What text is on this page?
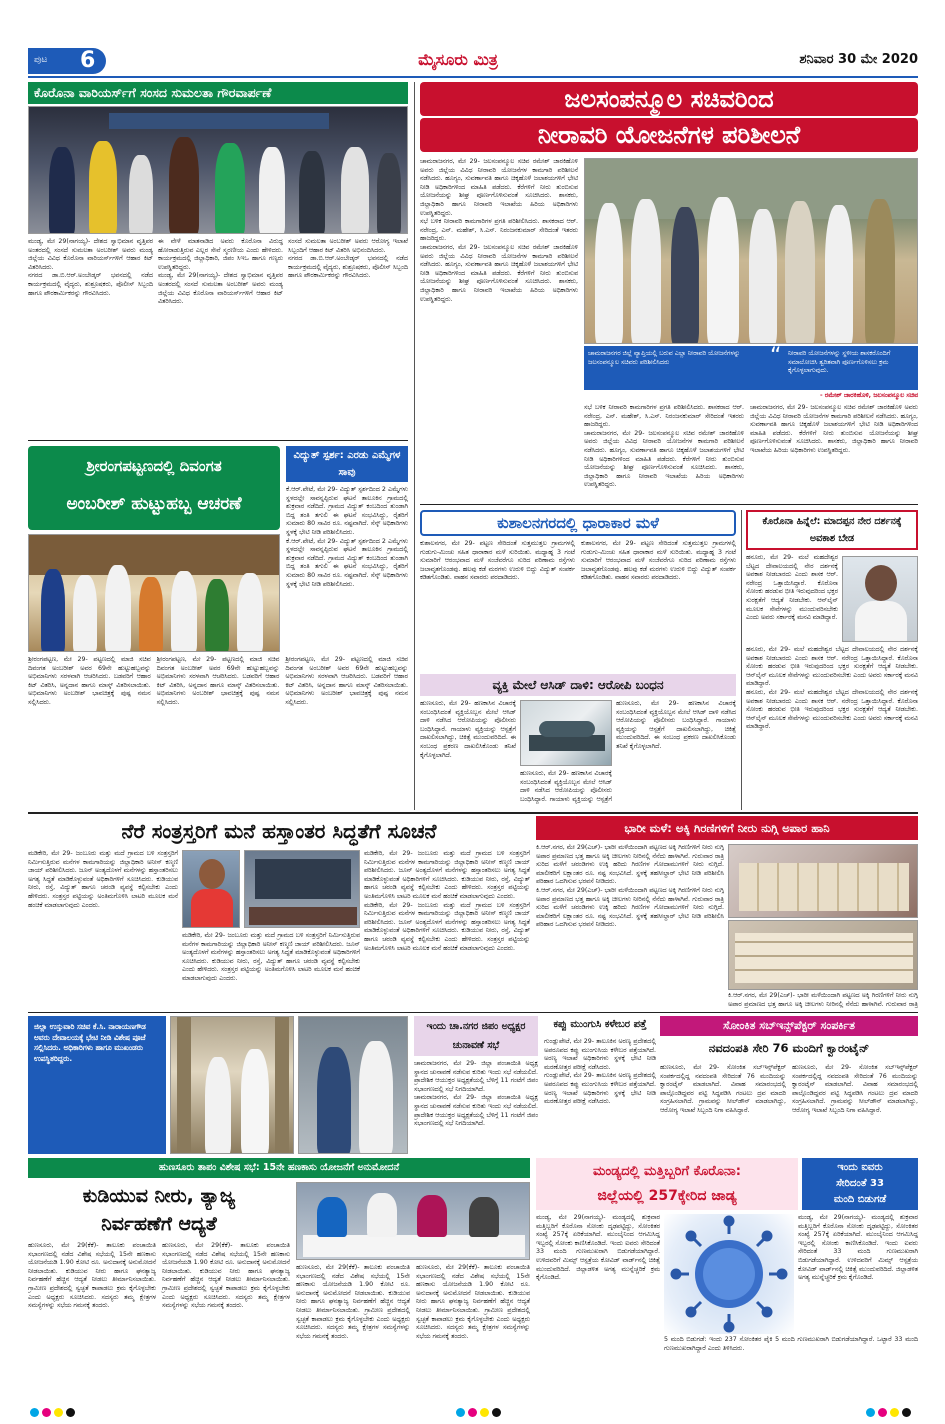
ಪುಟ 6	ಮೈಸೂರು ಮಿತ್ರ	ಶನಿವಾರ 30 ಮೇ 2020
ಕೊರೊನಾ ವಾರಿಯರ್ಸ್‌ಗೆ ಸಂಸದ ಸುಮಲತಾ ಗೌರವಾರ್ಪಣೆ

ಮಂಡ್ಯ, ಮೇ 29(ನಾಗಯ್ಯ)- ದೇಶದ ಸ್ವಾಭಿಮಾನ ವೃತ್ತಿಪರ ಅಂತರದಲ್ಲಿ ಸಂಸದೆ ಸುಮಲತಾ ಅಂಬರೀಶ್ ಅವರು ಮಂಡ್ಯ ಜಿಲ್ಲೆಯ ವಿವಿಧ ಕೊರೊನಾ ವಾರಿಯರ್ಸ್‌ಗಳಿಗೆ ಆಹಾರ ಕಿಟ್ ವಿತರಿಸಿದರು.

ನಗರದ ಡಾ.ಬಿ.ಆರ್.ಅಂಬೇಡ್ಕರ್ ಭವನದಲ್ಲಿ ನಡೆದ ಕಾರ್ಯಕ್ರಮದಲ್ಲಿ ವೈದ್ಯರು, ಶುಶ್ರೂಷಕರು, ಪೊಲೀಸ್ ಸಿಬ್ಬಂದಿ ಹಾಗೂ ಪೌರಕಾರ್ಮಿಕರನ್ನು ಗೌರವಿಸಿದರು.

ಈ ವೇಳೆ ಮಾತನಾಡಿದ ಅವರು ಕೊರೊನಾ ವಿರುದ್ಧ ಹೋರಾಡುತ್ತಿರುವ ಎಲ್ಲರ ಸೇವೆ ಸ್ಮರಣೀಯ ಎಂದು ಹೇಳಿದರು. ಕಾರ್ಯಕ್ರಮದಲ್ಲಿ ಜಿಲ್ಲಾಧಿಕಾರಿ, ಜಿಪಂ ಸಿಇಒ ಹಾಗೂ ಗಣ್ಯರು ಉಪಸ್ಥಿತರಿದ್ದರು.

ಮಂಡ್ಯ, ಮೇ 29(ನಾಗಯ್ಯ)- ದೇಶದ ಸ್ವಾಭಿಮಾನ ವೃತ್ತಿಪರ ಅಂತರದಲ್ಲಿ ಸಂಸದೆ ಸುಮಲತಾ ಅಂಬರೀಶ್ ಅವರು ಮಂಡ್ಯ ಜಿಲ್ಲೆಯ ವಿವಿಧ ಕೊರೊನಾ ವಾರಿಯರ್ಸ್‌ಗಳಿಗೆ ಆಹಾರ ಕಿಟ್ ವಿತರಿಸಿದರು.

ಸಂಸದೆ ಸುಮಲತಾ ಅಂಬರೀಶ್ ಅವರು ಆರೋಗ್ಯ ಇಲಾಖೆ ಸಿಬ್ಬಂದಿಗೆ ಆಹಾರ ಕಿಟ್ ವಿತರಿಸಿ ಅಭಿನಂದಿಸಿದರು.

ನಗರದ ಡಾ.ಬಿ.ಆರ್.ಅಂಬೇಡ್ಕರ್ ಭವನದಲ್ಲಿ ನಡೆದ ಕಾರ್ಯಕ್ರಮದಲ್ಲಿ ವೈದ್ಯರು, ಶುಶ್ರೂಷಕರು, ಪೊಲೀಸ್ ಸಿಬ್ಬಂದಿ ಹಾಗೂ ಪೌರಕಾರ್ಮಿಕರನ್ನು ಗೌರವಿಸಿದರು.

ಜಲಸಂಪನ್ಮೂಲ ಸಚಿವರಿಂದ
ನೀರಾವರಿ ಯೋಜನೆಗಳ ಪರಿಶೀಲನೆ

ಚಾಮರಾಜನಗರ, ಮೇ 29- ಜಲಸಂಪನ್ಮೂಲ ಸಚಿವ ರಮೇಶ್ ಜಾರಕಿಹೊಳಿ ಅವರು ಜಿಲ್ಲೆಯ ವಿವಿಧ ನೀರಾವರಿ ಯೋಜನೆಗಳ ಕಾಮಗಾರಿ ಪರಿಶೀಲನೆ ನಡೆಸಿದರು. ಹೂಗ್ಯಂ, ಸುವರ್ಣಾವತಿ ಹಾಗೂ ಚಿಕ್ಕಹೊಳೆ ಜಲಾಶಯಗಳಿಗೆ ಭೇಟಿ ನೀಡಿ ಅಧಿಕಾರಿಗಳಿಂದ ಮಾಹಿತಿ ಪಡೆದರು. ಕೆರೆಗಳಿಗೆ ನೀರು ತುಂಬಿಸುವ ಯೋಜನೆಯನ್ನು ಶೀಘ್ರ ಪೂರ್ಣಗೊಳಿಸುವಂತೆ ಸೂಚಿಸಿದರು. ಶಾಸಕರು, ಜಿಲ್ಲಾಧಿಕಾರಿ ಹಾಗೂ ನೀರಾವರಿ ಇಲಾಖೆಯ ಹಿರಿಯ ಅಧಿಕಾರಿಗಳು ಉಪಸ್ಥಿತರಿದ್ದರು.

ಸಭೆ ಬಳಿಕ ನೀರಾವರಿ ಕಾಮಗಾರಿಗಳ ಪ್ರಗತಿ ಪರಿಶೀಲಿಸಿದರು. ಶಾಸಕರಾದ ಆರ್. ನರೇಂದ್ರ, ಎನ್. ಮಹೇಶ್, ಸಿ.ಎಸ್. ನಿರಂಜನಕುಮಾರ್ ಸೇರಿದಂತೆ ಇತರರು ಹಾಜರಿದ್ದರು.

ಚಾಮರಾಜನಗರ, ಮೇ 29- ಜಲಸಂಪನ್ಮೂಲ ಸಚಿವ ರಮೇಶ್ ಜಾರಕಿಹೊಳಿ ಅವರು ಜಿಲ್ಲೆಯ ವಿವಿಧ ನೀರಾವರಿ ಯೋಜನೆಗಳ ಕಾಮಗಾರಿ ಪರಿಶೀಲನೆ ನಡೆಸಿದರು. ಹೂಗ್ಯಂ, ಸುವರ್ಣಾವತಿ ಹಾಗೂ ಚಿಕ್ಕಹೊಳೆ ಜಲಾಶಯಗಳಿಗೆ ಭೇಟಿ ನೀಡಿ ಅಧಿಕಾರಿಗಳಿಂದ ಮಾಹಿತಿ ಪಡೆದರು. ಕೆರೆಗಳಿಗೆ ನೀರು ತುಂಬಿಸುವ ಯೋಜನೆಯನ್ನು ಶೀಘ್ರ ಪೂರ್ಣಗೊಳಿಸುವಂತೆ ಸೂಚಿಸಿದರು. ಶಾಸಕರು, ಜಿಲ್ಲಾಧಿಕಾರಿ ಹಾಗೂ ನೀರಾವರಿ ಇಲಾಖೆಯ ಹಿರಿಯ ಅಧಿಕಾರಿಗಳು ಉಪಸ್ಥಿತರಿದ್ದರು.

ಚಾಮರಾಜನಗರ ಜಿಲ್ಲೆ ವ್ಯಾಪ್ತಿಯಲ್ಲಿ ಬರುವ ಎಲ್ಲಾ ನೀರಾವರಿ ಯೋಜನೆಗಳನ್ನು ಜಲಸಂಪನ್ಮೂಲ ಸಚಿವರು ಪರಿಶೀಲಿಸಿದರು	“ ನೀರಾವರಿ ಯೋಜನೆಗಳನ್ನು ಸ್ಥಳೀಯ ಶಾಸಕರೊಂದಿಗೆ ಸಮಾಲೋಚಿಸಿ ತ್ವರಿತವಾಗಿ ಪೂರ್ಣಗೊಳಿಸಲು ಕ್ರಮ ಕೈಗೊಳ್ಳಲಾಗುವುದು.
- ರಮೇಶ್ ಜಾರಕಿಹೊಳಿ, ಜಲಸಂಪನ್ಮೂಲ ಸಚಿವ

ಸಭೆ ಬಳಿಕ ನೀರಾವರಿ ಕಾಮಗಾರಿಗಳ ಪ್ರಗತಿ ಪರಿಶೀಲಿಸಿದರು. ಶಾಸಕರಾದ ಆರ್. ನರೇಂದ್ರ, ಎನ್. ಮಹೇಶ್, ಸಿ.ಎಸ್. ನಿರಂಜನಕುಮಾರ್ ಸೇರಿದಂತೆ ಇತರರು ಹಾಜರಿದ್ದರು.

ಚಾಮರಾಜನಗರ, ಮೇ 29- ಜಲಸಂಪನ್ಮೂಲ ಸಚಿವ ರಮೇಶ್ ಜಾರಕಿಹೊಳಿ ಅವರು ಜಿಲ್ಲೆಯ ವಿವಿಧ ನೀರಾವರಿ ಯೋಜನೆಗಳ ಕಾಮಗಾರಿ ಪರಿಶೀಲನೆ ನಡೆಸಿದರು. ಹೂಗ್ಯಂ, ಸುವರ್ಣಾವತಿ ಹಾಗೂ ಚಿಕ್ಕಹೊಳೆ ಜಲಾಶಯಗಳಿಗೆ ಭೇಟಿ ನೀಡಿ ಅಧಿಕಾರಿಗಳಿಂದ ಮಾಹಿತಿ ಪಡೆದರು. ಕೆರೆಗಳಿಗೆ ನೀರು ತುಂಬಿಸುವ ಯೋಜನೆಯನ್ನು ಶೀಘ್ರ ಪೂರ್ಣಗೊಳಿಸುವಂತೆ ಸೂಚಿಸಿದರು. ಶಾಸಕರು, ಜಿಲ್ಲಾಧಿಕಾರಿ ಹಾಗೂ ನೀರಾವರಿ ಇಲಾಖೆಯ ಹಿರಿಯ ಅಧಿಕಾರಿಗಳು ಉಪಸ್ಥಿತರಿದ್ದರು.

ಚಾಮರಾಜನಗರ, ಮೇ 29- ಜಲಸಂಪನ್ಮೂಲ ಸಚಿವ ರಮೇಶ್ ಜಾರಕಿಹೊಳಿ ಅವರು ಜಿಲ್ಲೆಯ ವಿವಿಧ ನೀರಾವರಿ ಯೋಜನೆಗಳ ಕಾಮಗಾರಿ ಪರಿಶೀಲನೆ ನಡೆಸಿದರು. ಹೂಗ್ಯಂ, ಸುವರ್ಣಾವತಿ ಹಾಗೂ ಚಿಕ್ಕಹೊಳೆ ಜಲಾಶಯಗಳಿಗೆ ಭೇಟಿ ನೀಡಿ ಅಧಿಕಾರಿಗಳಿಂದ ಮಾಹಿತಿ ಪಡೆದರು. ಕೆರೆಗಳಿಗೆ ನೀರು ತುಂಬಿಸುವ ಯೋಜನೆಯನ್ನು ಶೀಘ್ರ ಪೂರ್ಣಗೊಳಿಸುವಂತೆ ಸೂಚಿಸಿದರು. ಶಾಸಕರು, ಜಿಲ್ಲಾಧಿಕಾರಿ ಹಾಗೂ ನೀರಾವರಿ ಇಲಾಖೆಯ ಹಿರಿಯ ಅಧಿಕಾರಿಗಳು ಉಪಸ್ಥಿತರಿದ್ದರು.

ಶ್ರೀರಂಗಪಟ್ಟಣದಲ್ಲಿ ದಿವಂಗತ
ಅಂಬರೀಶ್ ಹುಟ್ಟುಹಬ್ಬ ಆಚರಣೆ

ಶ್ರೀರಂಗಪಟ್ಟಣ, ಮೇ 29- ಪಟ್ಟಣದಲ್ಲಿ ಮಾಜಿ ಸಚಿವ ದಿವಂಗತ ಅಂಬರೀಶ್ ಅವರ 69ನೇ ಹುಟ್ಟುಹಬ್ಬವನ್ನು ಅಭಿಮಾನಿಗಳು ಸರಳವಾಗಿ ಆಚರಿಸಿದರು. ಬಡವರಿಗೆ ಆಹಾರ ಕಿಟ್ ವಿತರಿಸಿ, ಅನ್ನದಾನ ಹಾಗೂ ಮಾಸ್ಕ್ ವಿತರಿಸಲಾಯಿತು. ಅಭಿಮಾನಿಗಳು ಅಂಬರೀಶ್ ಭಾವಚಿತ್ರಕ್ಕೆ ಪುಷ್ಪ ನಮನ ಸಲ್ಲಿಸಿದರು.

ಶ್ರೀರಂಗಪಟ್ಟಣ, ಮೇ 29- ಪಟ್ಟಣದಲ್ಲಿ ಮಾಜಿ ಸಚಿವ ದಿವಂಗತ ಅಂಬರೀಶ್ ಅವರ 69ನೇ ಹುಟ್ಟುಹಬ್ಬವನ್ನು ಅಭಿಮಾನಿಗಳು ಸರಳವಾಗಿ ಆಚರಿಸಿದರು. ಬಡವರಿಗೆ ಆಹಾರ ಕಿಟ್ ವಿತರಿಸಿ, ಅನ್ನದಾನ ಹಾಗೂ ಮಾಸ್ಕ್ ವಿತರಿಸಲಾಯಿತು. ಅಭಿಮಾನಿಗಳು ಅಂಬರೀಶ್ ಭಾವಚಿತ್ರಕ್ಕೆ ಪುಷ್ಪ ನಮನ ಸಲ್ಲಿಸಿದರು.

ಶ್ರೀರಂಗಪಟ್ಟಣ, ಮೇ 29- ಪಟ್ಟಣದಲ್ಲಿ ಮಾಜಿ ಸಚಿವ ದಿವಂಗತ ಅಂಬರೀಶ್ ಅವರ 69ನೇ ಹುಟ್ಟುಹಬ್ಬವನ್ನು ಅಭಿಮಾನಿಗಳು ಸರಳವಾಗಿ ಆಚರಿಸಿದರು. ಬಡವರಿಗೆ ಆಹಾರ ಕಿಟ್ ವಿತರಿಸಿ, ಅನ್ನದಾನ ಹಾಗೂ ಮಾಸ್ಕ್ ವಿತರಿಸಲಾಯಿತು. ಅಭಿಮಾನಿಗಳು ಅಂಬರೀಶ್ ಭಾವಚಿತ್ರಕ್ಕೆ ಪುಷ್ಪ ನಮನ ಸಲ್ಲಿಸಿದರು.

ವಿದ್ಯುತ್ ಸ್ಪರ್ಶ: ಎರಡು ಎಮ್ಮೆಗಳ ಸಾವು

ಕೆ.ಆರ್.ಪೇಟೆ, ಮೇ 29- ವಿದ್ಯುತ್ ಸ್ಪರ್ಶದಿಂದ 2 ಎಮ್ಮೆಗಳು ಸ್ಥಳದಲ್ಲೇ ಸಾವನ್ನಪ್ಪಿರುವ ಘಟನೆ ತಾಲೂಕಿನ ಗ್ರಾಮದಲ್ಲಿ ಶುಕ್ರವಾರ ನಡೆದಿದೆ. ಗ್ರಾಮದ ವಿದ್ಯುತ್ ಕಂಬದಿಂದ ತುಂಡಾಗಿ ಬಿದ್ದ ತಂತಿ ತಗುಲಿ ಈ ಘಟನೆ ಸಂಭವಿಸಿದ್ದು, ರೈತರಿಗೆ ಸುಮಾರು 80 ಸಾವಿರ ರೂ. ನಷ್ಟವಾಗಿದೆ. ಸೆಸ್ಕ್ ಅಧಿಕಾರಿಗಳು ಸ್ಥಳಕ್ಕೆ ಭೇಟಿ ನೀಡಿ ಪರಿಶೀಲಿಸಿದರು.

ಕೆ.ಆರ್.ಪೇಟೆ, ಮೇ 29- ವಿದ್ಯುತ್ ಸ್ಪರ್ಶದಿಂದ 2 ಎಮ್ಮೆಗಳು ಸ್ಥಳದಲ್ಲೇ ಸಾವನ್ನಪ್ಪಿರುವ ಘಟನೆ ತಾಲೂಕಿನ ಗ್ರಾಮದಲ್ಲಿ ಶುಕ್ರವಾರ ನಡೆದಿದೆ. ಗ್ರಾಮದ ವಿದ್ಯುತ್ ಕಂಬದಿಂದ ತುಂಡಾಗಿ ಬಿದ್ದ ತಂತಿ ತಗುಲಿ ಈ ಘಟನೆ ಸಂಭವಿಸಿದ್ದು, ರೈತರಿಗೆ ಸುಮಾರು 80 ಸಾವಿರ ರೂ. ನಷ್ಟವಾಗಿದೆ. ಸೆಸ್ಕ್ ಅಧಿಕಾರಿಗಳು ಸ್ಥಳಕ್ಕೆ ಭೇಟಿ ನೀಡಿ ಪರಿಶೀಲಿಸಿದರು.

ಕುಶಾಲನಗರದಲ್ಲಿ ಧಾರಾಕಾರ ಮಳೆ

ಕುಶಾಲನಗರ, ಮೇ 29- ಪಟ್ಟಣ ಸೇರಿದಂತೆ ಸುತ್ತಮುತ್ತಲ ಗ್ರಾಮಗಳಲ್ಲಿ ಗುಡುಗು-ಮಿಂಚು ಸಹಿತ ಧಾರಾಕಾರ ಮಳೆ ಸುರಿಯಿತು. ಮಧ್ಯಾಹ್ನ 3 ಗಂಟೆ ಸುಮಾರಿಗೆ ಆರಂಭವಾದ ಮಳೆ ಸಂಜೆವರೆಗೂ ಸುರಿದ ಪರಿಣಾಮ ರಸ್ತೆಗಳು ಜಲಾವೃತಗೊಂಡವು. ಹಲವು ಕಡೆ ಮರಗಳು ಉರುಳಿ ಬಿದ್ದು ವಿದ್ಯುತ್ ಸಂಪರ್ಕ ಕಡಿತಗೊಂಡಿತು. ವಾಹನ ಸವಾರರು ಪರದಾಡಿದರು.

ಕುಶಾಲನಗರ, ಮೇ 29- ಪಟ್ಟಣ ಸೇರಿದಂತೆ ಸುತ್ತಮುತ್ತಲ ಗ್ರಾಮಗಳಲ್ಲಿ ಗುಡುಗು-ಮಿಂಚು ಸಹಿತ ಧಾರಾಕಾರ ಮಳೆ ಸುರಿಯಿತು. ಮಧ್ಯಾಹ್ನ 3 ಗಂಟೆ ಸುಮಾರಿಗೆ ಆರಂಭವಾದ ಮಳೆ ಸಂಜೆವರೆಗೂ ಸುರಿದ ಪರಿಣಾಮ ರಸ್ತೆಗಳು ಜಲಾವೃತಗೊಂಡವು. ಹಲವು ಕಡೆ ಮರಗಳು ಉರುಳಿ ಬಿದ್ದು ವಿದ್ಯುತ್ ಸಂಪರ್ಕ ಕಡಿತಗೊಂಡಿತು. ವಾಹನ ಸವಾರರು ಪರದಾಡಿದರು.

ವ್ಯಕ್ತಿ ಮೇಲೆ ಆಸಿಡ್ ದಾಳಿ: ಆರೋಪಿ ಬಂಧನ

ಹುಣಸೂರು, ಮೇ 29- ಹಣಕಾಸಿನ ವಿಚಾರಕ್ಕೆ ಸಂಬಂಧಿಸಿದಂತೆ ವ್ಯಕ್ತಿಯೊಬ್ಬನ ಮೇಲೆ ಆಸಿಡ್ ದಾಳಿ ನಡೆಸಿದ ಆರೋಪಿಯನ್ನು ಪೊಲೀಸರು ಬಂಧಿಸಿದ್ದಾರೆ. ಗಾಯಾಳು ವ್ಯಕ್ತಿಯನ್ನು ಆಸ್ಪತ್ರೆಗೆ ದಾಖಲಿಸಲಾಗಿದ್ದು, ಚಿಕಿತ್ಸೆ ಮುಂದುವರಿದಿದೆ. ಈ ಸಂಬಂಧ ಪ್ರಕರಣ ದಾಖಲಿಸಿಕೊಂಡು ತನಿಖೆ ಕೈಗೊಳ್ಳಲಾಗಿದೆ.

ಹುಣಸೂರು, ಮೇ 29- ಹಣಕಾಸಿನ ವಿಚಾರಕ್ಕೆ ಸಂಬಂಧಿಸಿದಂತೆ ವ್ಯಕ್ತಿಯೊಬ್ಬನ ಮೇಲೆ ಆಸಿಡ್ ದಾಳಿ ನಡೆಸಿದ ಆರೋಪಿಯನ್ನು ಪೊಲೀಸರು ಬಂಧಿಸಿದ್ದಾರೆ. ಗಾಯಾಳು ವ್ಯಕ್ತಿಯನ್ನು ಆಸ್ಪತ್ರೆಗೆ ದಾಖಲಿಸಲಾಗಿದ್ದು, ಚಿಕಿತ್ಸೆ ಮುಂದುವರಿದಿದೆ. ಈ ಸಂಬಂಧ ಪ್ರಕರಣ ದಾಖಲಿಸಿಕೊಂಡು ತನಿಖೆ ಕೈಗೊಳ್ಳಲಾಗಿದೆ.

ಹುಣಸೂರು, ಮೇ 29- ಹಣಕಾಸಿನ ವಿಚಾರಕ್ಕೆ ಸಂಬಂಧಿಸಿದಂತೆ ವ್ಯಕ್ತಿಯೊಬ್ಬನ ಮೇಲೆ ಆಸಿಡ್ ದಾಳಿ ನಡೆಸಿದ ಆರೋಪಿಯನ್ನು ಪೊಲೀಸರು ಬಂಧಿಸಿದ್ದಾರೆ. ಗಾಯಾಳು ವ್ಯಕ್ತಿಯನ್ನು ಆಸ್ಪತ್ರೆಗೆ

ಕೊರೊನಾ ಹಿನ್ನೆಲೆ: ಮಾದಪ್ಪನ ನೇರ ದರ್ಶನಕ್ಕೆ ಅವಕಾಶ ಬೇಡ

ಹನೂರು, ಮೇ 29- ಮಲೆ ಮಹದೇಶ್ವರ ಬೆಟ್ಟದ ದೇವಾಲಯದಲ್ಲಿ ನೇರ ದರ್ಶನಕ್ಕೆ ಅವಕಾಶ ನೀಡಬಾರದು ಎಂದು ಶಾಸಕ ಆರ್. ನರೇಂದ್ರ ಒತ್ತಾಯಿಸಿದ್ದಾರೆ. ಕೊರೊನಾ ಸೋಂಕು ಹರಡುವ ಭೀತಿ ಇರುವುದರಿಂದ ಭಕ್ತರ ಸುರಕ್ಷತೆಗೆ ಆದ್ಯತೆ ನೀಡಬೇಕು. ಆನ್‌ಲೈನ್ ಮೂಲಕ ಸೇವೆಗಳನ್ನು ಮುಂದುವರಿಸಬೇಕು ಎಂದು ಅವರು ಸರ್ಕಾರಕ್ಕೆ ಮನವಿ ಮಾಡಿದ್ದಾರೆ.

ಹನೂರು, ಮೇ 29- ಮಲೆ ಮಹದೇಶ್ವರ ಬೆಟ್ಟದ ದೇವಾಲಯದಲ್ಲಿ ನೇರ ದರ್ಶನಕ್ಕೆ ಅವಕಾಶ ನೀಡಬಾರದು ಎಂದು ಶಾಸಕ ಆರ್. ನರೇಂದ್ರ ಒತ್ತಾಯಿಸಿದ್ದಾರೆ. ಕೊರೊನಾ ಸೋಂಕು ಹರಡುವ ಭೀತಿ ಇರುವುದರಿಂದ ಭಕ್ತರ ಸುರಕ್ಷತೆಗೆ ಆದ್ಯತೆ ನೀಡಬೇಕು. ಆನ್‌ಲೈನ್ ಮೂಲಕ ಸೇವೆಗಳನ್ನು ಮುಂದುವರಿಸಬೇಕು ಎಂದು ಅವರು ಸರ್ಕಾರಕ್ಕೆ ಮನವಿ ಮಾಡಿದ್ದಾರೆ.

ಹನೂರು, ಮೇ 29- ಮಲೆ ಮಹದೇಶ್ವರ ಬೆಟ್ಟದ ದೇವಾಲಯದಲ್ಲಿ ನೇರ ದರ್ಶನಕ್ಕೆ ಅವಕಾಶ ನೀಡಬಾರದು ಎಂದು ಶಾಸಕ ಆರ್. ನರೇಂದ್ರ ಒತ್ತಾಯಿಸಿದ್ದಾರೆ. ಕೊರೊನಾ ಸೋಂಕು ಹರಡುವ ಭೀತಿ ಇರುವುದರಿಂದ ಭಕ್ತರ ಸುರಕ್ಷತೆಗೆ ಆದ್ಯತೆ ನೀಡಬೇಕು. ಆನ್‌ಲೈನ್ ಮೂಲಕ ಸೇವೆಗಳನ್ನು ಮುಂದುವರಿಸಬೇಕು ಎಂದು ಅವರು ಸರ್ಕಾರಕ್ಕೆ ಮನವಿ ಮಾಡಿದ್ದಾರೆ.

ನೆರೆ ಸಂತ್ರಸ್ತರಿಗೆ ಮನೆ ಹಸ್ತಾಂತರ ಸಿದ್ಧತೆಗೆ ಸೂಚನೆ

ಮಡಿಕೇರಿ, ಮೇ 29- ಜಂಬೂರು ಮತ್ತು ಮದೆ ಗ್ರಾಮದ ಬಳಿ ಸಂತ್ರಸ್ತರಿಗೆ ನಿರ್ಮಿಸುತ್ತಿರುವ ಮನೆಗಳ ಕಾಮಗಾರಿಯನ್ನು ಜಿಲ್ಲಾಧಿಕಾರಿ ಅನೀಸ್ ಕಣ್ಮಣಿ ಜಾಯ್ ಪರಿಶೀಲಿಸಿದರು. ಜೂನ್ ಅಂತ್ಯದೊಳಗೆ ಮನೆಗಳನ್ನು ಹಸ್ತಾಂತರಿಸಲು ಅಗತ್ಯ ಸಿದ್ಧತೆ ಮಾಡಿಕೊಳ್ಳುವಂತೆ ಅಧಿಕಾರಿಗಳಿಗೆ ಸೂಚಿಸಿದರು. ಕುಡಿಯುವ ನೀರು, ರಸ್ತೆ, ವಿದ್ಯುತ್ ಹಾಗೂ ಚರಂಡಿ ವ್ಯವಸ್ಥೆ ಕಲ್ಪಿಸಬೇಕು ಎಂದು ಹೇಳಿದರು. ಸಂತ್ರಸ್ತರ ಪಟ್ಟಿಯನ್ನು ಅಂತಿಮಗೊಳಿಸಿ ಲಾಟರಿ ಮೂಲಕ ಮನೆ ಹಂಚಿಕೆ ಮಾಡಲಾಗುವುದು ಎಂದರು.

ಮಡಿಕೇರಿ, ಮೇ 29- ಜಂಬೂರು ಮತ್ತು ಮದೆ ಗ್ರಾಮದ ಬಳಿ ಸಂತ್ರಸ್ತರಿಗೆ ನಿರ್ಮಿಸುತ್ತಿರುವ ಮನೆಗಳ ಕಾಮಗಾರಿಯನ್ನು ಜಿಲ್ಲಾಧಿಕಾರಿ ಅನೀಸ್ ಕಣ್ಮಣಿ ಜಾಯ್ ಪರಿಶೀಲಿಸಿದರು. ಜೂನ್ ಅಂತ್ಯದೊಳಗೆ ಮನೆಗಳನ್ನು ಹಸ್ತಾಂತರಿಸಲು ಅಗತ್ಯ ಸಿದ್ಧತೆ ಮಾಡಿಕೊಳ್ಳುವಂತೆ ಅಧಿಕಾರಿಗಳಿಗೆ ಸೂಚಿಸಿದರು. ಕುಡಿಯುವ ನೀರು, ರಸ್ತೆ, ವಿದ್ಯುತ್ ಹಾಗೂ ಚರಂಡಿ ವ್ಯವಸ್ಥೆ ಕಲ್ಪಿಸಬೇಕು ಎಂದು ಹೇಳಿದರು. ಸಂತ್ರಸ್ತರ ಪಟ್ಟಿಯನ್ನು ಅಂತಿಮಗೊಳಿಸಿ ಲಾಟರಿ ಮೂಲಕ ಮನೆ ಹಂಚಿಕೆ ಮಾಡಲಾಗುವುದು ಎಂದರು.

ಮಡಿಕೇರಿ, ಮೇ 29- ಜಂಬೂರು ಮತ್ತು ಮದೆ ಗ್ರಾಮದ ಬಳಿ ಸಂತ್ರಸ್ತರಿಗೆ ನಿರ್ಮಿಸುತ್ತಿರುವ ಮನೆಗಳ ಕಾಮಗಾರಿಯನ್ನು ಜಿಲ್ಲಾಧಿಕಾರಿ ಅನೀಸ್ ಕಣ್ಮಣಿ ಜಾಯ್ ಪರಿಶೀಲಿಸಿದರು. ಜೂನ್ ಅಂತ್ಯದೊಳಗೆ ಮನೆಗಳನ್ನು ಹಸ್ತಾಂತರಿಸಲು ಅಗತ್ಯ ಸಿದ್ಧತೆ ಮಾಡಿಕೊಳ್ಳುವಂತೆ ಅಧಿಕಾರಿಗಳಿಗೆ ಸೂಚಿಸಿದರು. ಕುಡಿಯುವ ನೀರು, ರಸ್ತೆ, ವಿದ್ಯುತ್ ಹಾಗೂ ಚರಂಡಿ ವ್ಯವಸ್ಥೆ ಕಲ್ಪಿಸಬೇಕು ಎಂದು ಹೇಳಿದರು. ಸಂತ್ರಸ್ತರ ಪಟ್ಟಿಯನ್ನು ಅಂತಿಮಗೊಳಿಸಿ ಲಾಟರಿ ಮೂಲಕ ಮನೆ ಹಂಚಿಕೆ ಮಾಡಲಾಗುವುದು ಎಂದರು.

ಮಡಿಕೇರಿ, ಮೇ 29- ಜಂಬೂರು ಮತ್ತು ಮದೆ ಗ್ರಾಮದ ಬಳಿ ಸಂತ್ರಸ್ತರಿಗೆ ನಿರ್ಮಿಸುತ್ತಿರುವ ಮನೆಗಳ ಕಾಮಗಾರಿಯನ್ನು ಜಿಲ್ಲಾಧಿಕಾರಿ ಅನೀಸ್ ಕಣ್ಮಣಿ ಜಾಯ್ ಪರಿಶೀಲಿಸಿದರು. ಜೂನ್ ಅಂತ್ಯದೊಳಗೆ ಮನೆಗಳನ್ನು ಹಸ್ತಾಂತರಿಸಲು ಅಗತ್ಯ ಸಿದ್ಧತೆ ಮಾಡಿಕೊಳ್ಳುವಂತೆ ಅಧಿಕಾರಿಗಳಿಗೆ ಸೂಚಿಸಿದರು. ಕುಡಿಯುವ ನೀರು, ರಸ್ತೆ, ವಿದ್ಯುತ್ ಹಾಗೂ ಚರಂಡಿ ವ್ಯವಸ್ಥೆ ಕಲ್ಪಿಸಬೇಕು ಎಂದು ಹೇಳಿದರು. ಸಂತ್ರಸ್ತರ ಪಟ್ಟಿಯನ್ನು ಅಂತಿಮಗೊಳಿಸಿ ಲಾಟರಿ ಮೂಲಕ ಮನೆ ಹಂಚಿಕೆ ಮಾಡಲಾಗುವುದು ಎಂದರು.

ಭಾರೀ ಮಳೆ: ಅಕ್ಕಿ ಗಿರಣಿಗಳಿಗೆ ನೀರು ನುಗ್ಗಿ ಅಪಾರ ಹಾನಿ

ಕಿ.ಆರ್.ನಗರ, ಮೇ 29(ಎಚ್)- ಭಾರೀ ಮಳೆಯಿಂದಾಗಿ ಪಟ್ಟಣದ ಅಕ್ಕಿ ಗಿರಣಿಗಳಿಗೆ ನೀರು ನುಗ್ಗಿ ಅಪಾರ ಪ್ರಮಾಣದ ಭತ್ತ ಹಾಗೂ ಅಕ್ಕಿ ಚೀಲಗಳು ನೀರಿನಲ್ಲಿ ನೆನೆದು ಹಾಳಾಗಿವೆ. ಗುರುವಾರ ರಾತ್ರಿ ಸುರಿದ ಮಳೆಗೆ ಚರಂಡಿಗಳು ಉಕ್ಕಿ ಹರಿದು ಗಿರಣಿಗಳ ಗೋದಾಮುಗಳಿಗೆ ನೀರು ನುಗ್ಗಿದೆ. ಮಾಲೀಕರಿಗೆ ಲಕ್ಷಾಂತರ ರೂ. ನಷ್ಟ ಸಂಭವಿಸಿದೆ. ಸ್ಥಳಕ್ಕೆ ತಹಸೀಲ್ದಾರ್ ಭೇಟಿ ನೀಡಿ ಪರಿಶೀಲಿಸಿ ಪರಿಹಾರ ಒದಗಿಸುವ ಭರವಸೆ ನೀಡಿದರು.

ಕಿ.ಆರ್.ನಗರ, ಮೇ 29(ಎಚ್)- ಭಾರೀ ಮಳೆಯಿಂದಾಗಿ ಪಟ್ಟಣದ ಅಕ್ಕಿ ಗಿರಣಿಗಳಿಗೆ ನೀರು ನುಗ್ಗಿ ಅಪಾರ ಪ್ರಮಾಣದ ಭತ್ತ ಹಾಗೂ ಅಕ್ಕಿ ಚೀಲಗಳು ನೀರಿನಲ್ಲಿ ನೆನೆದು ಹಾಳಾಗಿವೆ. ಗುರುವಾರ ರಾತ್ರಿ ಸುರಿದ ಮಳೆಗೆ ಚರಂಡಿಗಳು ಉಕ್ಕಿ ಹರಿದು ಗಿರಣಿಗಳ ಗೋದಾಮುಗಳಿಗೆ ನೀರು ನುಗ್ಗಿದೆ. ಮಾಲೀಕರಿಗೆ ಲಕ್ಷಾಂತರ ರೂ. ನಷ್ಟ ಸಂಭವಿಸಿದೆ. ಸ್ಥಳಕ್ಕೆ ತಹಸೀಲ್ದಾರ್ ಭೇಟಿ ನೀಡಿ ಪರಿಶೀಲಿಸಿ ಪರಿಹಾರ ಒದಗಿಸುವ ಭರವಸೆ ನೀಡಿದರು.

ಕಿ.ಆರ್.ನಗರ, ಮೇ 29(ಎಚ್)- ಭಾರೀ ಮಳೆಯಿಂದಾಗಿ ಪಟ್ಟಣದ ಅಕ್ಕಿ ಗಿರಣಿಗಳಿಗೆ ನೀರು ನುಗ್ಗಿ ಅಪಾರ ಪ್ರಮಾಣದ ಭತ್ತ ಹಾಗೂ ಅಕ್ಕಿ ಚೀಲಗಳು ನೀರಿನಲ್ಲಿ ನೆನೆದು ಹಾಳಾಗಿವೆ. ಗುರುವಾರ ರಾತ್ರಿ

ಜಿಲ್ಲಾ ಉಸ್ತುವಾರಿ ಸಚಿವ ಕೆ.ಸಿ. ನಾರಾಯಣಗೌಡ ಅವರು ದೇವಾಲಯಕ್ಕೆ ಭೇಟಿ ನೀಡಿ ವಿಶೇಷ ಪೂಜೆ ಸಲ್ಲಿಸಿದರು. ಅಧಿಕಾರಿಗಳು ಹಾಗೂ ಮುಖಂಡರು ಉಪಸ್ಥಿತರಿದ್ದರು.
ಇಂದು ಚಾ.ನಗರ ಜಿಪಂ ಅಧ್ಯಕ್ಷರ ಚುನಾವಣೆ ಸಭೆ

ಚಾಮರಾಜನಗರ, ಮೇ 29- ಜಿಲ್ಲಾ ಪಂಚಾಯಿತಿ ಅಧ್ಯಕ್ಷ ಸ್ಥಾನದ ಚುನಾವಣೆ ನಡೆಸುವ ಕುರಿತು ಇಂದು ಸಭೆ ನಡೆಯಲಿದೆ. ಪ್ರಾದೇಶಿಕ ಆಯುಕ್ತರ ಅಧ್ಯಕ್ಷತೆಯಲ್ಲಿ ಬೆಳಿಗ್ಗೆ 11 ಗಂಟೆಗೆ ಜಿಪಂ ಸಭಾಂಗಣದಲ್ಲಿ ಸಭೆ ನಿಗದಿಯಾಗಿದೆ.

ಚಾಮರಾಜನಗರ, ಮೇ 29- ಜಿಲ್ಲಾ ಪಂಚಾಯಿತಿ ಅಧ್ಯಕ್ಷ ಸ್ಥಾನದ ಚುನಾವಣೆ ನಡೆಸುವ ಕುರಿತು ಇಂದು ಸಭೆ ನಡೆಯಲಿದೆ. ಪ್ರಾದೇಶಿಕ ಆಯುಕ್ತರ ಅಧ್ಯಕ್ಷತೆಯಲ್ಲಿ ಬೆಳಿಗ್ಗೆ 11 ಗಂಟೆಗೆ ಜಿಪಂ ಸಭಾಂಗಣದಲ್ಲಿ ಸಭೆ ನಿಗದಿಯಾಗಿದೆ.

ಕಪ್ಪು ಮುಂಗುಸಿ ಕಳೇಬರ ಪತ್ತೆ

ಗುಂಡ್ಲುಪೇಟೆ, ಮೇ 29- ತಾಲೂಕಿನ ಅರಣ್ಯ ಪ್ರದೇಶದಲ್ಲಿ ಅಪರೂಪದ ಕಪ್ಪು ಮುಂಗುಸಿಯ ಕಳೇಬರ ಪತ್ತೆಯಾಗಿದೆ. ಅರಣ್ಯ ಇಲಾಖೆ ಅಧಿಕಾರಿಗಳು ಸ್ಥಳಕ್ಕೆ ಭೇಟಿ ನೀಡಿ ಮರಣೋತ್ತರ ಪರೀಕ್ಷೆ ನಡೆಸಿದರು.

ಗುಂಡ್ಲುಪೇಟೆ, ಮೇ 29- ತಾಲೂಕಿನ ಅರಣ್ಯ ಪ್ರದೇಶದಲ್ಲಿ ಅಪರೂಪದ ಕಪ್ಪು ಮುಂಗುಸಿಯ ಕಳೇಬರ ಪತ್ತೆಯಾಗಿದೆ. ಅರಣ್ಯ ಇಲಾಖೆ ಅಧಿಕಾರಿಗಳು ಸ್ಥಳಕ್ಕೆ ಭೇಟಿ ನೀಡಿ ಮರಣೋತ್ತರ ಪರೀಕ್ಷೆ ನಡೆಸಿದರು.

ಸೋಂಕಿತ ಸಬ್‌ಇನ್ಸ್‌ಪೆಕ್ಟರ್ ಸಂಪರ್ಕಿತ
ನವದಂಪತಿ ಸೇರಿ 76 ಮಂದಿಗೆ ಕ್ವಾರಂಟೈನ್

ಹುಣಸೂರು, ಮೇ 29- ಸೋಂಕಿತ ಸಬ್‌ಇನ್ಸ್‌ಪೆಕ್ಟರ್ ಸಂಪರ್ಕದಲ್ಲಿದ್ದ ನವದಂಪತಿ ಸೇರಿದಂತೆ 76 ಮಂದಿಯನ್ನು ಕ್ವಾರಂಟೈನ್ ಮಾಡಲಾಗಿದೆ. ವಿವಾಹ ಸಮಾರಂಭದಲ್ಲಿ ಪಾಲ್ಗೊಂಡಿದ್ದವರ ಪಟ್ಟಿ ಸಿದ್ಧಪಡಿಸಿ ಗಂಟಲು ದ್ರವ ಮಾದರಿ ಸಂಗ್ರಹಿಸಲಾಗಿದೆ. ಗ್ರಾಮವನ್ನು ಸೀಲ್‌ಡೌನ್ ಮಾಡಲಾಗಿದ್ದು, ಆರೋಗ್ಯ ಇಲಾಖೆ ಸಿಬ್ಬಂದಿ ನಿಗಾ ವಹಿಸಿದ್ದಾರೆ.

ಹುಣಸೂರು, ಮೇ 29- ಸೋಂಕಿತ ಸಬ್‌ಇನ್ಸ್‌ಪೆಕ್ಟರ್ ಸಂಪರ್ಕದಲ್ಲಿದ್ದ ನವದಂಪತಿ ಸೇರಿದಂತೆ 76 ಮಂದಿಯನ್ನು ಕ್ವಾರಂಟೈನ್ ಮಾಡಲಾಗಿದೆ. ವಿವಾಹ ಸಮಾರಂಭದಲ್ಲಿ ಪಾಲ್ಗೊಂಡಿದ್ದವರ ಪಟ್ಟಿ ಸಿದ್ಧಪಡಿಸಿ ಗಂಟಲು ದ್ರವ ಮಾದರಿ ಸಂಗ್ರಹಿಸಲಾಗಿದೆ. ಗ್ರಾಮವನ್ನು ಸೀಲ್‌ಡೌನ್ ಮಾಡಲಾಗಿದ್ದು, ಆರೋಗ್ಯ ಇಲಾಖೆ ಸಿಬ್ಬಂದಿ ನಿಗಾ ವಹಿಸಿದ್ದಾರೆ.

ಹುಣಸೂರು ತಾಪಂ ವಿಶೇಷ ಸಭೆ: 15ನೇ ಹಣಕಾಸು ಯೋಜನೆಗೆ ಅನುಮೋದನೆ
ಕುಡಿಯುವ ನೀರು, ತ್ಯಾಜ್ಯ
ನಿರ್ವಹಣೆಗೆ ಆದ್ಯತೆ

ಹುಣಸೂರು, ಮೇ 29(ಕೆಕೆ)- ತಾಲೂಕು ಪಂಚಾಯಿತಿ ಸಭಾಂಗಣದಲ್ಲಿ ನಡೆದ ವಿಶೇಷ ಸಭೆಯಲ್ಲಿ 15ನೇ ಹಣಕಾಸು ಯೋಜನೆಯಡಿ 1.90 ಕೋಟಿ ರೂ. ಅನುದಾನಕ್ಕೆ ಅನುಮೋದನೆ ನೀಡಲಾಯಿತು. ಕುಡಿಯುವ ನೀರು ಹಾಗೂ ಘನತ್ಯಾಜ್ಯ ನಿರ್ವಹಣೆಗೆ ಹೆಚ್ಚಿನ ಆದ್ಯತೆ ನೀಡಲು ತೀರ್ಮಾನಿಸಲಾಯಿತು. ಗ್ರಾಮೀಣ ಪ್ರದೇಶದಲ್ಲಿ ಸ್ವಚ್ಛತೆ ಕಾಪಾಡಲು ಕ್ರಮ ಕೈಗೊಳ್ಳಬೇಕು ಎಂದು ಅಧ್ಯಕ್ಷರು ಸೂಚಿಸಿದರು. ಸದಸ್ಯರು ತಮ್ಮ ಕ್ಷೇತ್ರಗಳ ಸಮಸ್ಯೆಗಳನ್ನು ಸಭೆಯ ಗಮನಕ್ಕೆ ತಂದರು.

ಹುಣಸೂರು, ಮೇ 29(ಕೆಕೆ)- ತಾಲೂಕು ಪಂಚಾಯಿತಿ ಸಭಾಂಗಣದಲ್ಲಿ ನಡೆದ ವಿಶೇಷ ಸಭೆಯಲ್ಲಿ 15ನೇ ಹಣಕಾಸು ಯೋಜನೆಯಡಿ 1.90 ಕೋಟಿ ರೂ. ಅನುದಾನಕ್ಕೆ ಅನುಮೋದನೆ ನೀಡಲಾಯಿತು. ಕುಡಿಯುವ ನೀರು ಹಾಗೂ ಘನತ್ಯಾಜ್ಯ ನಿರ್ವಹಣೆಗೆ ಹೆಚ್ಚಿನ ಆದ್ಯತೆ ನೀಡಲು ತೀರ್ಮಾನಿಸಲಾಯಿತು. ಗ್ರಾಮೀಣ ಪ್ರದೇಶದಲ್ಲಿ ಸ್ವಚ್ಛತೆ ಕಾಪಾಡಲು ಕ್ರಮ ಕೈಗೊಳ್ಳಬೇಕು ಎಂದು ಅಧ್ಯಕ್ಷರು ಸೂಚಿಸಿದರು. ಸದಸ್ಯರು ತಮ್ಮ ಕ್ಷೇತ್ರಗಳ ಸಮಸ್ಯೆಗಳನ್ನು ಸಭೆಯ ಗಮನಕ್ಕೆ ತಂದರು.

ಹುಣಸೂರು, ಮೇ 29(ಕೆಕೆ)- ತಾಲೂಕು ಪಂಚಾಯಿತಿ ಸಭಾಂಗಣದಲ್ಲಿ ನಡೆದ ವಿಶೇಷ ಸಭೆಯಲ್ಲಿ 15ನೇ ಹಣಕಾಸು ಯೋಜನೆಯಡಿ 1.90 ಕೋಟಿ ರೂ. ಅನುದಾನಕ್ಕೆ ಅನುಮೋದನೆ ನೀಡಲಾಯಿತು. ಕುಡಿಯುವ ನೀರು ಹಾಗೂ ಘನತ್ಯಾಜ್ಯ ನಿರ್ವಹಣೆಗೆ ಹೆಚ್ಚಿನ ಆದ್ಯತೆ ನೀಡಲು ತೀರ್ಮಾನಿಸಲಾಯಿತು. ಗ್ರಾಮೀಣ ಪ್ರದೇಶದಲ್ಲಿ ಸ್ವಚ್ಛತೆ ಕಾಪಾಡಲು ಕ್ರಮ ಕೈಗೊಳ್ಳಬೇಕು ಎಂದು ಅಧ್ಯಕ್ಷರು ಸೂಚಿಸಿದರು. ಸದಸ್ಯರು ತಮ್ಮ ಕ್ಷೇತ್ರಗಳ ಸಮಸ್ಯೆಗಳನ್ನು ಸಭೆಯ ಗಮನಕ್ಕೆ ತಂದರು.

ಹುಣಸೂರು, ಮೇ 29(ಕೆಕೆ)- ತಾಲೂಕು ಪಂಚಾಯಿತಿ ಸಭಾಂಗಣದಲ್ಲಿ ನಡೆದ ವಿಶೇಷ ಸಭೆಯಲ್ಲಿ 15ನೇ ಹಣಕಾಸು ಯೋಜನೆಯಡಿ 1.90 ಕೋಟಿ ರೂ. ಅನುದಾನಕ್ಕೆ ಅನುಮೋದನೆ ನೀಡಲಾಯಿತು. ಕುಡಿಯುವ ನೀರು ಹಾಗೂ ಘನತ್ಯಾಜ್ಯ ನಿರ್ವಹಣೆಗೆ ಹೆಚ್ಚಿನ ಆದ್ಯತೆ ನೀಡಲು ತೀರ್ಮಾನಿಸಲಾಯಿತು. ಗ್ರಾಮೀಣ ಪ್ರದೇಶದಲ್ಲಿ ಸ್ವಚ್ಛತೆ ಕಾಪಾಡಲು ಕ್ರಮ ಕೈಗೊಳ್ಳಬೇಕು ಎಂದು ಅಧ್ಯಕ್ಷರು ಸೂಚಿಸಿದರು. ಸದಸ್ಯರು ತಮ್ಮ ಕ್ಷೇತ್ರಗಳ ಸಮಸ್ಯೆಗಳನ್ನು ಸಭೆಯ ಗಮನಕ್ಕೆ ತಂದರು.

ಮಂಡ್ಯದಲ್ಲಿ ಮತ್ತಿಬ್ಬರಿಗೆ ಕೊರೊನಾ:
ಜಿಲ್ಲೆಯಲ್ಲಿ 257ಕ್ಕೇರಿದ ಜಾಡ್ಯ
ಇಂದು ಐವರು
ಸೇರಿದಂತೆ 33
ಮಂದಿ ಬಿಡುಗಡೆ

ಮಂಡ್ಯ, ಮೇ 29(ನಾಗಯ್ಯ)- ಮಂಡ್ಯದಲ್ಲಿ ಶುಕ್ರವಾರ ಮತ್ತಿಬ್ಬರಿಗೆ ಕೊರೊನಾ ಸೋಂಕು ದೃಢಪಟ್ಟಿದ್ದು, ಸೋಂಕಿತರ ಸಂಖ್ಯೆ 257ಕ್ಕೆ ಏರಿಕೆಯಾಗಿದೆ. ಮುಂಬೈನಿಂದ ಆಗಮಿಸಿದ್ದ ಇಬ್ಬರಲ್ಲಿ ಸೋಂಕು ಕಾಣಿಸಿಕೊಂಡಿದೆ. ಇಂದು ಐವರು ಸೇರಿದಂತೆ 33 ಮಂದಿ ಗುಣಮುಖರಾಗಿ ಬಿಡುಗಡೆಯಾಗಿದ್ದಾರೆ. ಉಳಿದವರಿಗೆ ಮಿಮ್ಸ್ ಆಸ್ಪತ್ರೆಯ ಕೋವಿಡ್ ವಾರ್ಡ್‌ನಲ್ಲಿ ಚಿಕಿತ್ಸೆ ಮುಂದುವರಿದಿದೆ. ಜಿಲ್ಲಾಡಳಿತ ಅಗತ್ಯ ಮುನ್ನೆಚ್ಚರಿಕೆ ಕ್ರಮ ಕೈಗೊಂಡಿದೆ.

ಮಂಡ್ಯ, ಮೇ 29(ನಾಗಯ್ಯ)- ಮಂಡ್ಯದಲ್ಲಿ ಶುಕ್ರವಾರ ಮತ್ತಿಬ್ಬರಿಗೆ ಕೊರೊನಾ ಸೋಂಕು ದೃಢಪಟ್ಟಿದ್ದು, ಸೋಂಕಿತರ ಸಂಖ್ಯೆ 257ಕ್ಕೆ ಏರಿಕೆಯಾಗಿದೆ. ಮುಂಬೈನಿಂದ ಆಗಮಿಸಿದ್ದ ಇಬ್ಬರಲ್ಲಿ ಸೋಂಕು ಕಾಣಿಸಿಕೊಂಡಿದೆ. ಇಂದು ಐವರು ಸೇರಿದಂತೆ 33 ಮಂದಿ ಗುಣಮುಖರಾಗಿ ಬಿಡುಗಡೆಯಾಗಿದ್ದಾರೆ. ಉಳಿದವರಿಗೆ ಮಿಮ್ಸ್ ಆಸ್ಪತ್ರೆಯ ಕೋವಿಡ್ ವಾರ್ಡ್‌ನಲ್ಲಿ ಚಿಕಿತ್ಸೆ ಮುಂದುವರಿದಿದೆ. ಜಿಲ್ಲಾಡಳಿತ ಅಗತ್ಯ ಮುನ್ನೆಚ್ಚರಿಕೆ ಕ್ರಮ ಕೈಗೊಂಡಿದೆ.

5 ಮಂದಿ ಬಿಡುಗಡೆ: ಇಂದು 237 ಸೋಂಕಿತರ ಪೈಕಿ 5 ಮಂದಿ ಗುಣಮುಖರಾಗಿ ಬಿಡುಗಡೆಯಾಗಿದ್ದಾರೆ. ಒಟ್ಟಾರೆ 33 ಮಂದಿ ಗುಣಮುಖರಾಗಿದ್ದಾರೆ ಎಂದು ತಿಳಿಸಿದರು.
